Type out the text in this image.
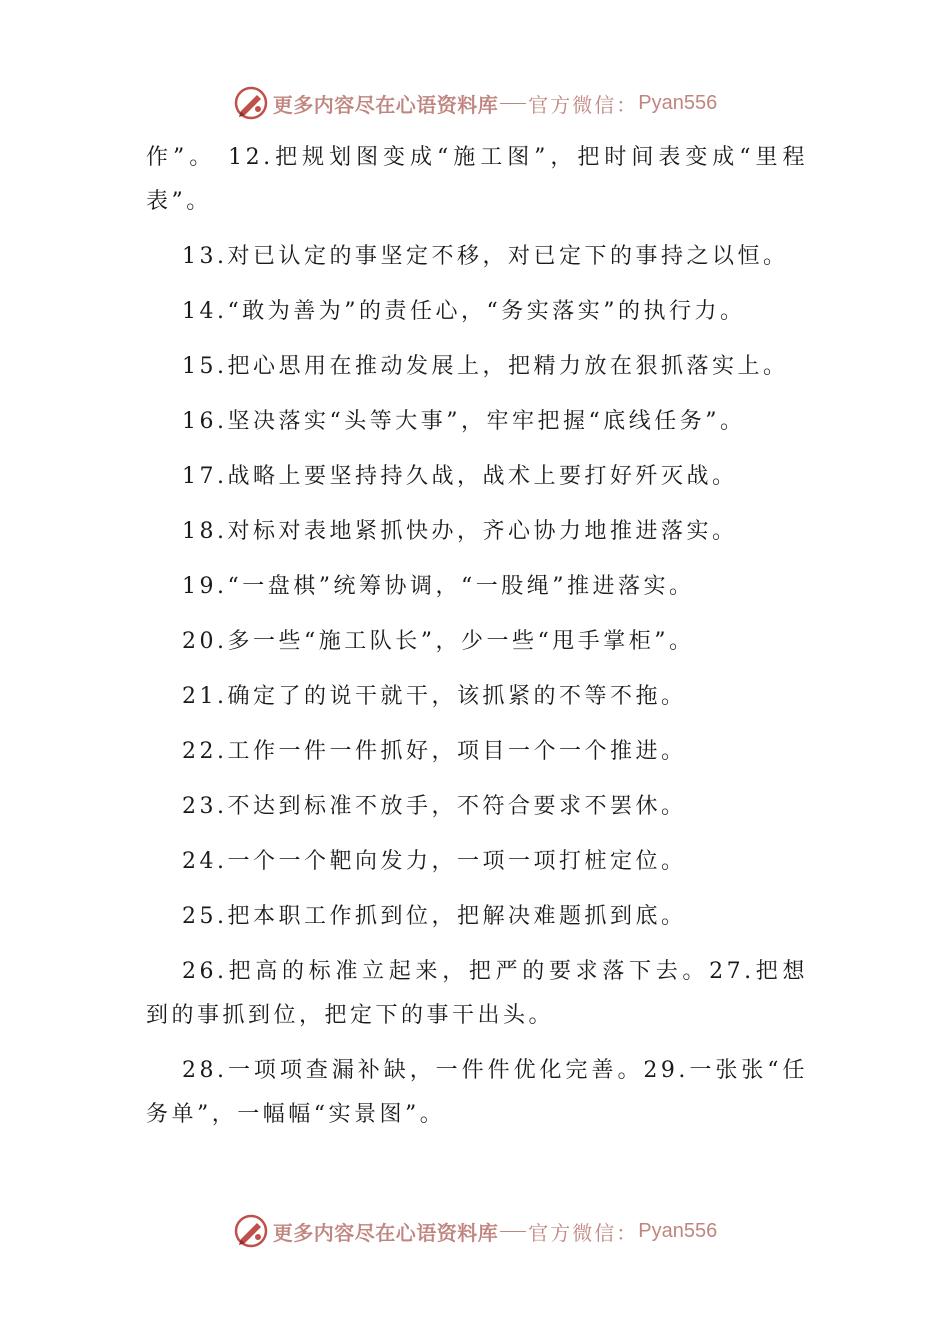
更多内容尽在心语资料库 官方微信： Pyan556

作”。 12.把规划图变成“施工图”，把时间表变成“里程表”。

13.对已认定的事坚定不移，对已定下的事持之以恒。

14.“敢为善为”的责任心，“务实落实”的执行力。

15.把心思用在推动发展上，把精力放在狠抓落实上。

16.坚决落实“头等大事”，牢牢把握“底线任务”。

17.战略上要坚持持久战，战术上要打好歼灭战。

18.对标对表地紧抓快办，齐心协力地推进落实。

19.“一盘棋”统筹协调，“一股绳”推进落实。

20.多一些“施工队长”，少一些“甩手掌柜”。

21.确定了的说干就干，该抓紧的不等不拖。

22.工作一件一件抓好，项目一个一个推进。

23.不达到标准不放手，不符合要求不罢休。

24.一个一个靶向发力，一项一项打桩定位。

25.把本职工作抓到位，把解决难题抓到底。

26.把高的标准立起来，把严的要求落下去。27.把想到的事抓到位，把定下的事干出头。

28.一项项查漏补缺，一件件优化完善。29.一张张“任务单”，一幅幅“实景图”。

更多内容尽在心语资料库 官方微信： Pyan556
